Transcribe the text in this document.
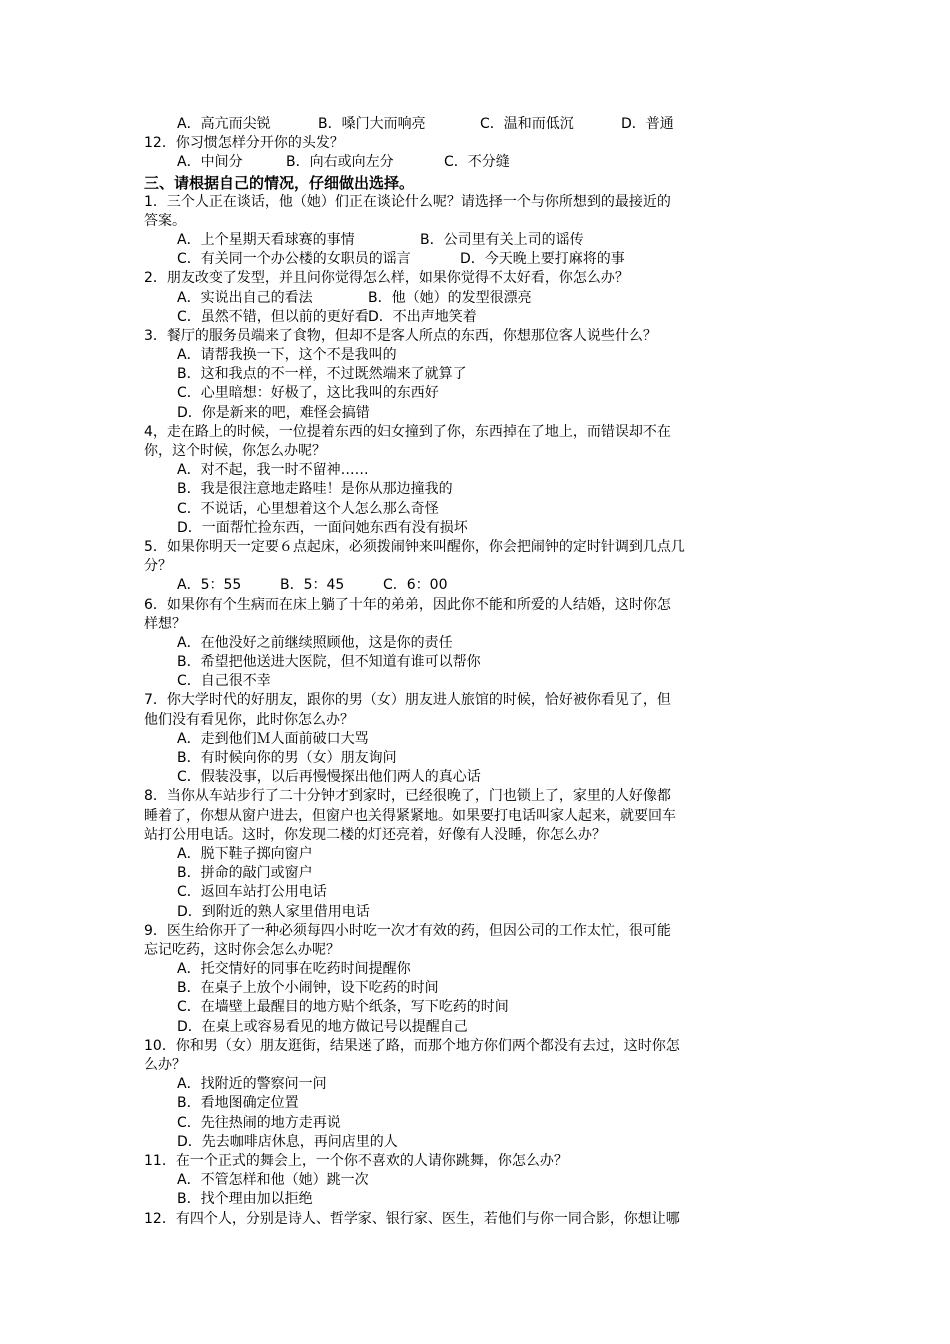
A．高亢而尖锐	B．嗓门大而响亮	C．温和而低沉	D．普通
12．你习惯怎样分开你的头发？
A．中间分	B．向右或向左分	C．不分缝
三、请根据自己的情况，仔细做出选择。
1．三个人正在谈话，他（她）们正在谈论什么呢？请选择一个与你所想到的最接近的
答案。
A．上个星期天看球赛的事情	B．公司里有关上司的谣传
C．有关同一个办公楼的女职员的谣言	D．今天晚上要打麻将的事
2．朋友改变了发型，并且问你觉得怎么样，如果你觉得不太好看，你怎么办？
A．实说出自己的看法	B．他（她）的发型很漂亮
C．虽然不错，但以前的更好看D．不出声地笑着
3．餐厅的服务员端来了食物，但却不是客人所点的东西，你想那位客人说些什么？
A．请帮我换一下，这个不是我叫的
B．这和我点的不一样，不过既然端来了就算了
C．心里暗想：好极了，这比我叫的东西好
D．你是新来的吧，难怪会搞错
4，走在路上的时候，一位提着东西的妇女撞到了你，东西掉在了地上，而错误却不在
你，这个时候，你怎么办呢？
A．对不起，我一时不留神……
B．我是很注意地走路哇！是你从那边撞我的
C．不说话，心里想着这个人怎么那么奇怪
D．一面帮忙捡东西，一面问她东西有没有损坏
5．如果你明天一定要６点起床，必须拨闹钟来叫醒你，你会把闹钟的定时针调到几点几
分？
A．5：55	B．5：45	C．6：00
6．如果你有个生病而在床上躺了十年的弟弟，因此你不能和所爱的人结婚，这时你怎
样想？
A．在他没好之前继续照顾他，这是你的责任
B．希望把他送进大医院，但不知道有谁可以帮你
C．自己很不幸
7．你大学时代的好朋友，跟你的男（女）朋友进人旅馆的时候，恰好被你看见了，但
他们没有看见你，此时你怎么办？
A．走到他们Ｍ人面前破口大骂
B．有时候向你的男（女）朋友询问
C．假装没事，以后再慢慢探出他们两人的真心话
8．当你从车站步行了二十分钟才到家时，已经很晚了，门也锁上了，家里的人好像都
睡着了，你想从窗户进去，但窗户也关得紧紧地。如果要打电话叫家人起来，就要回车
站打公用电话。这时，你发现二楼的灯还亮着，好像有人没睡，你怎么办？
A．脱下鞋子掷向窗户
B．拼命的敲门或窗户
C．返回车站打公用电话
D．到附近的熟人家里借用电话
9．医生给你开了一种必须每四小时吃一次才有效的药，但因公司的工作太忙，很可能
忘记吃药，这时你会怎么办呢？
A．托交情好的同事在吃药时间提醒你
B．在桌子上放个小闹钟，设下吃药的时间
C．在墙壁上最醒目的地方贴个纸条，写下吃药的时间
D．在桌上或容易看见的地方做记号以提醒自己
10．你和男（女）朋友逛街，结果迷了路，而那个地方你们两个都没有去过，这时你怎
么办？
A．找附近的警察问一问
B．看地图确定位置
C．先往热闹的地方走再说
D．先去咖啡店休息，再问店里的人
11．在一个正式的舞会上，一个你不喜欢的人请你跳舞，你怎么办？
A．不管怎样和他（她）跳一次
B．找个理由加以拒绝
12．有四个人，分别是诗人、哲学家、银行家、医生，若他们与你一同合影，你想让哪
